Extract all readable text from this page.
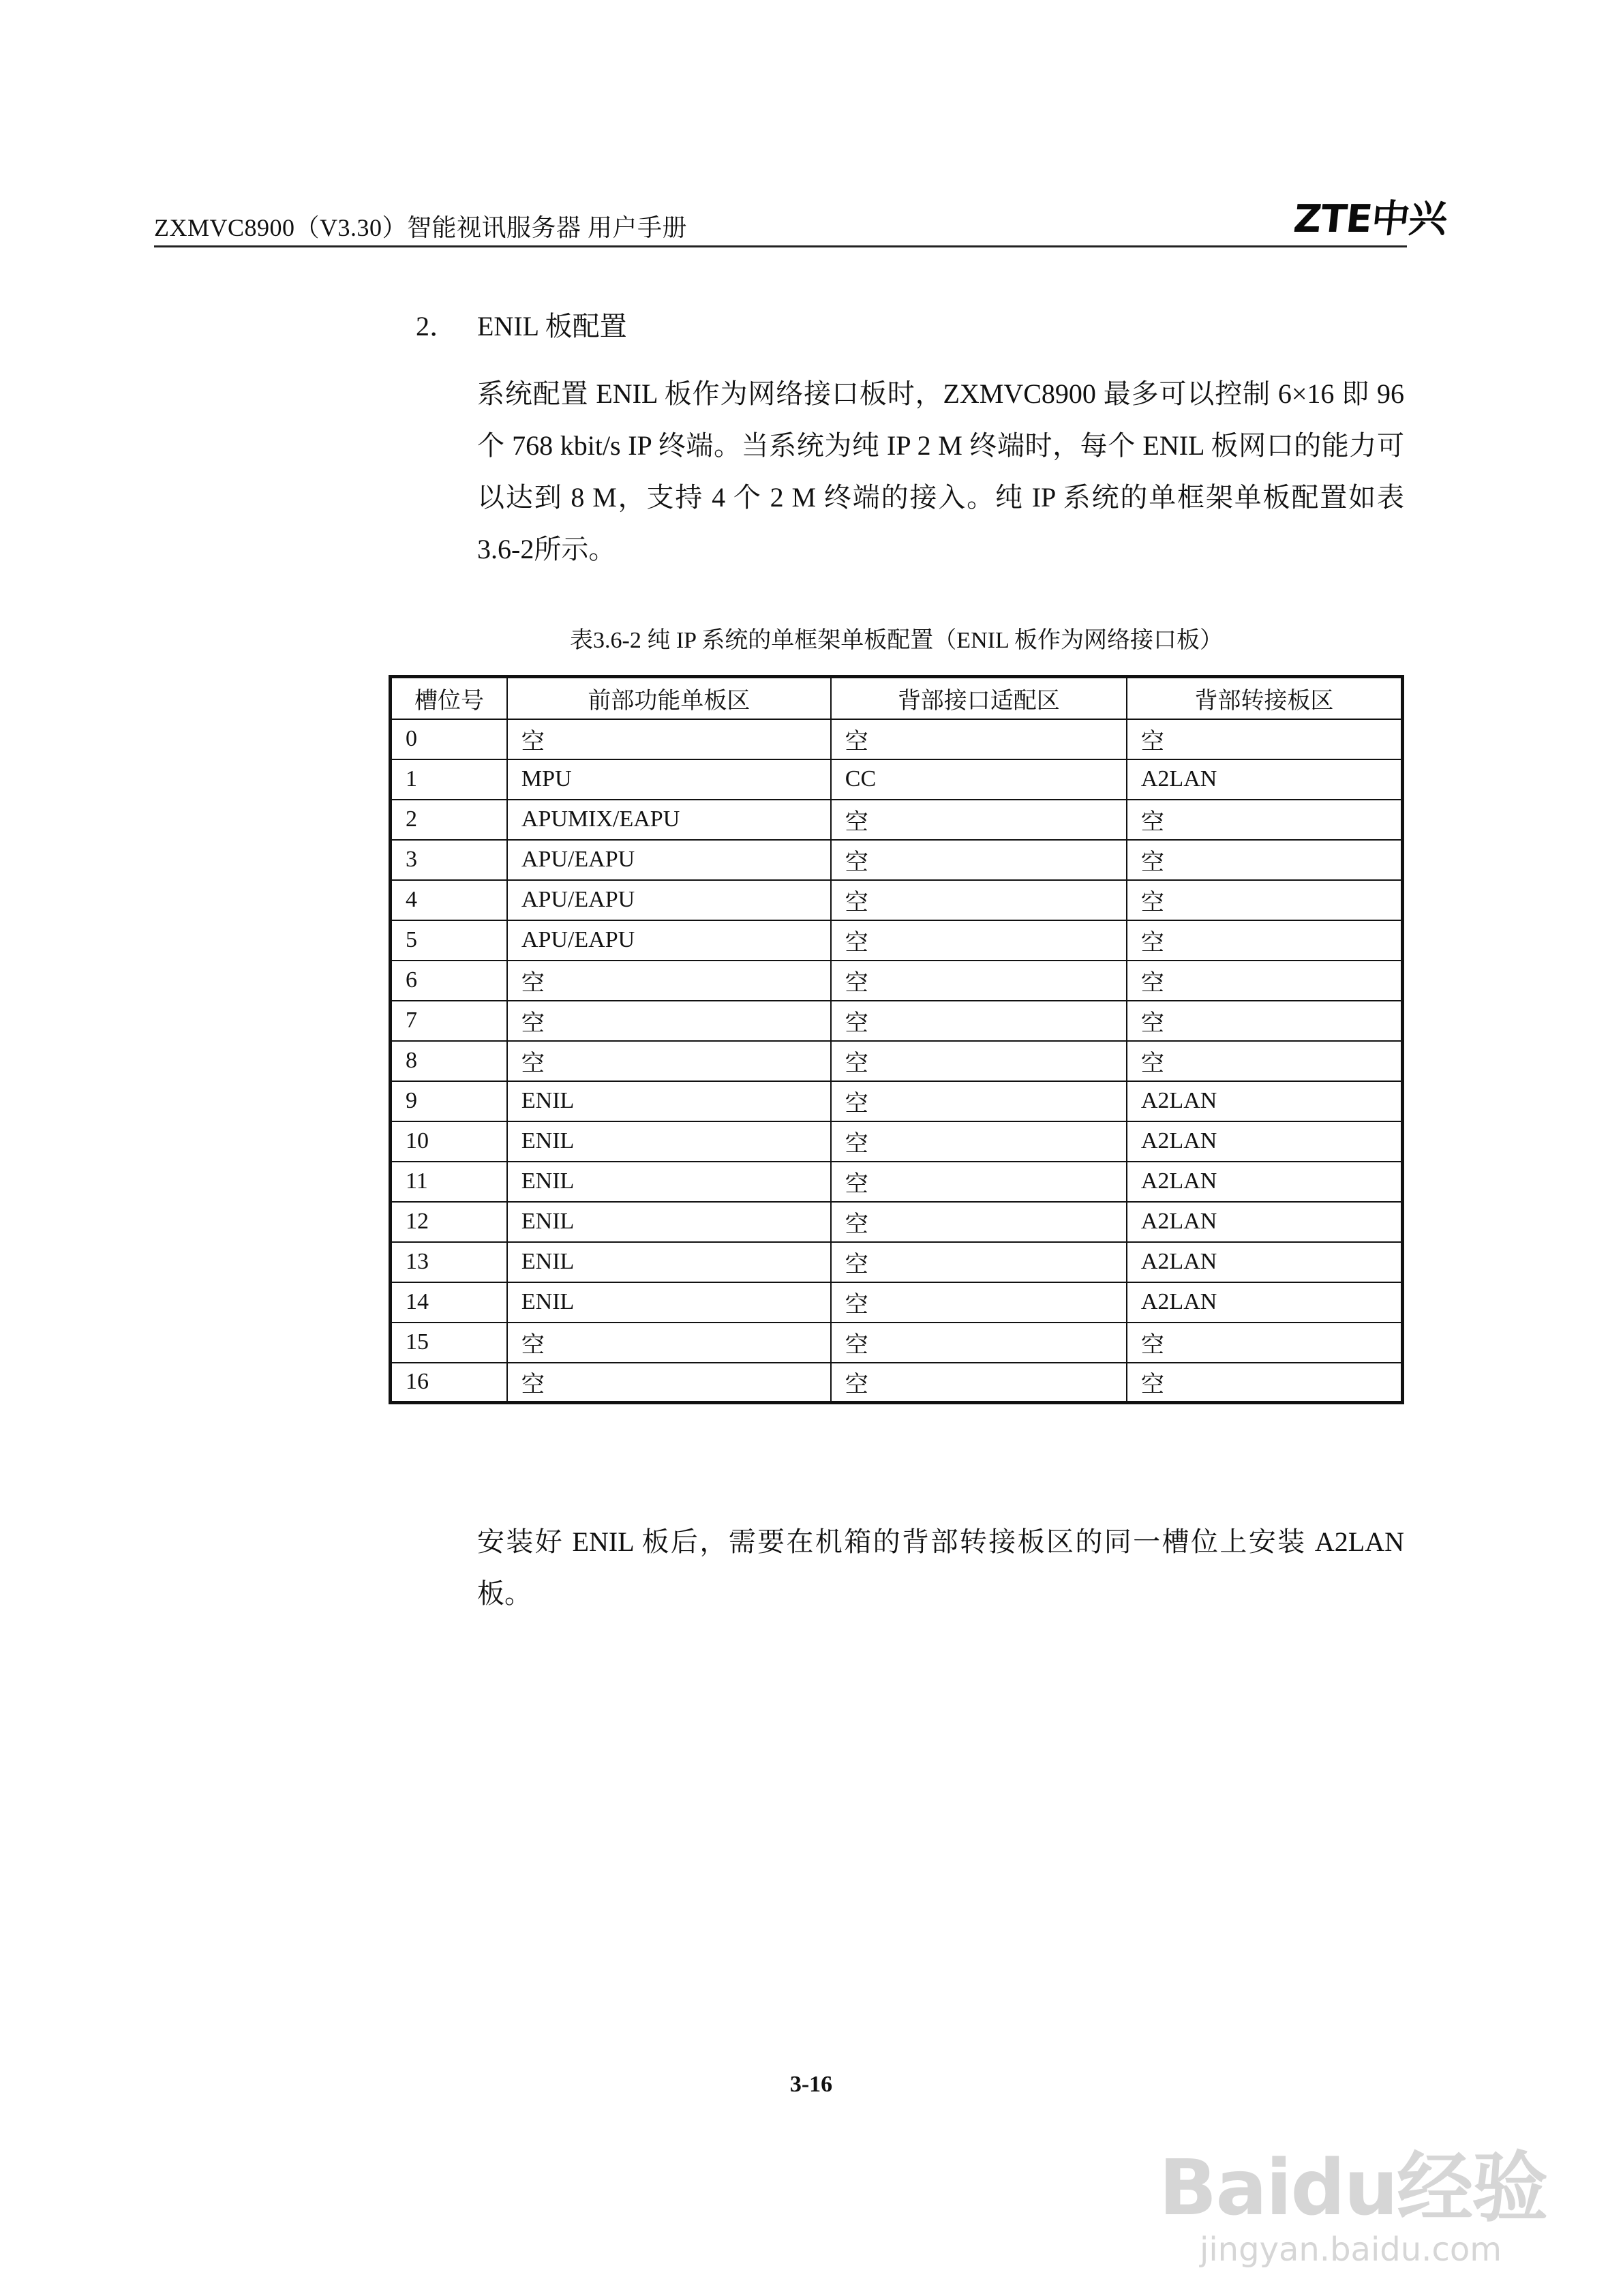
ZXMVC8900（V3.30）智能视讯服务器 用户手册	ZTE中兴
2． ENIL 板配置

系统配置 ENIL 板作为网络接口板时，ZXMVC8900 最多可以控制 6×16 即 96 个 768 kbit/s IP 终端。当系统为纯 IP 2 M 终端时，每个 ENIL 板网口的能力可以达到 8 M，支持 4 个 2 M 终端的接入。纯 IP 系统的单框架单板配置如表 3.6-2所示。

表3.6-2 纯 IP 系统的单框架单板配置（ENIL 板作为网络接口板）
槽位号	前部功能单板区	背部接口适配区	背部转接板区
0	空	空	空
1	MPU	CC	A2LAN
2	APUMIX/EAPU	空	空
3	APU/EAPU	空	空
4	APU/EAPU	空	空
5	APU/EAPU	空	空
6	空	空	空
7	空	空	空
8	空	空	空
9	ENIL	空	A2LAN
10	ENIL	空	A2LAN
11	ENIL	空	A2LAN
12	ENIL	空	A2LAN
13	ENIL	空	A2LAN
14	ENIL	空	A2LAN
15	空	空	空
16	空	空	空

安装好 ENIL 板后，需要在机箱的背部转接板区的同一槽位上安装 A2LAN 板。

3-16
Baidu经验
jingyan.baidu.com
